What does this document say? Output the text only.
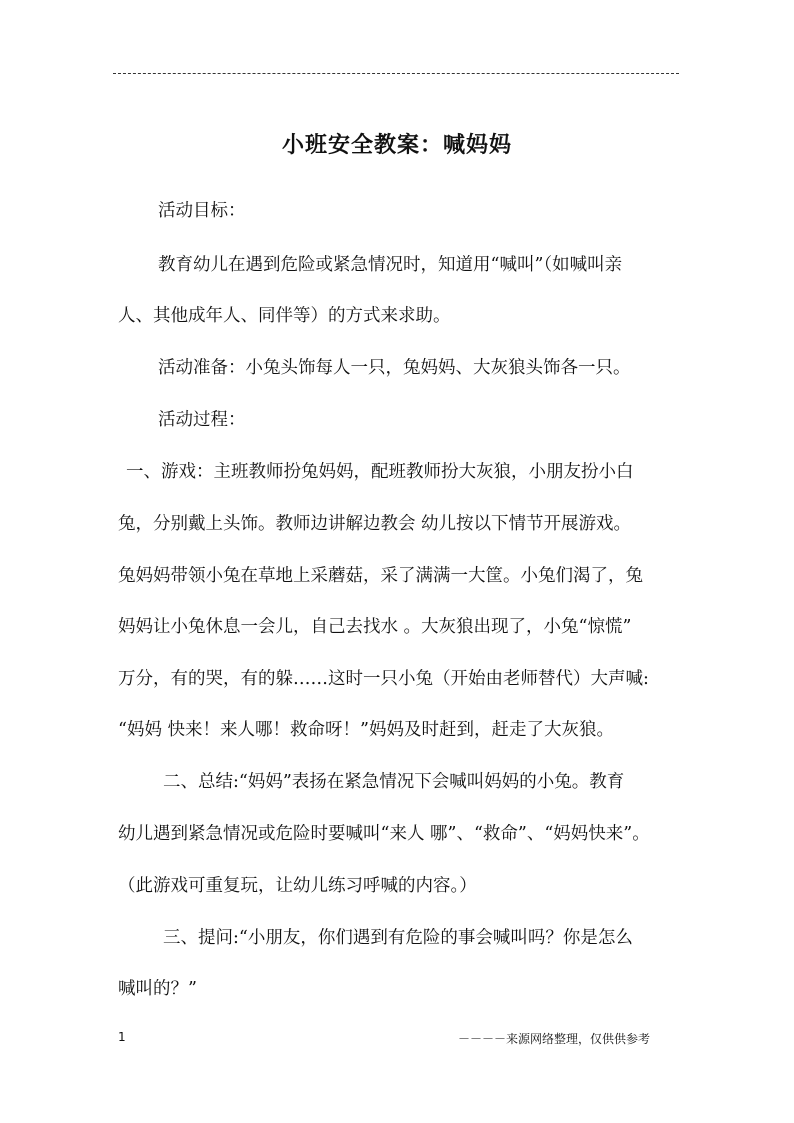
小班安全教案：喊妈妈
活动目标：
教育幼儿在遇到危险或紧急情况时，知道用“喊叫”（如喊叫亲
人、其他成年人、同伴等）的方式来求助。
活动准备：小兔头饰每人一只，兔妈妈、大灰狼头饰各一只。
活动过程：
一、游戏：主班教师扮兔妈妈，配班教师扮大灰狼，小朋友扮小白
兔，分别戴上头饰。教师边讲解边教会 幼儿按以下情节开展游戏。
兔妈妈带领小兔在草地上采蘑菇，采了满满一大筐。小兔们渴了，兔
妈妈让小兔休息一会儿，自己去找水 。大灰狼出现了，小兔“惊慌”
万分，有的哭，有的躲……这时一只小兔（开始由老师替代）大声喊:
“妈妈 快来！来人哪！救命呀！”妈妈及时赶到，赶走了大灰狼。
二、总结:“妈妈”表扬在紧急情况下会喊叫妈妈的小兔。教育
幼儿遇到紧急情况或危险时要喊叫“来人 哪”、“救命”、“妈妈快来”。
（此游戏可重复玩，让幼儿练习呼喊的内容。）
三、提问:“小朋友，你们遇到有危险的事会喊叫吗？你是怎么
喊叫的？”
1	－－－－来源网络整理，仅供供参考
